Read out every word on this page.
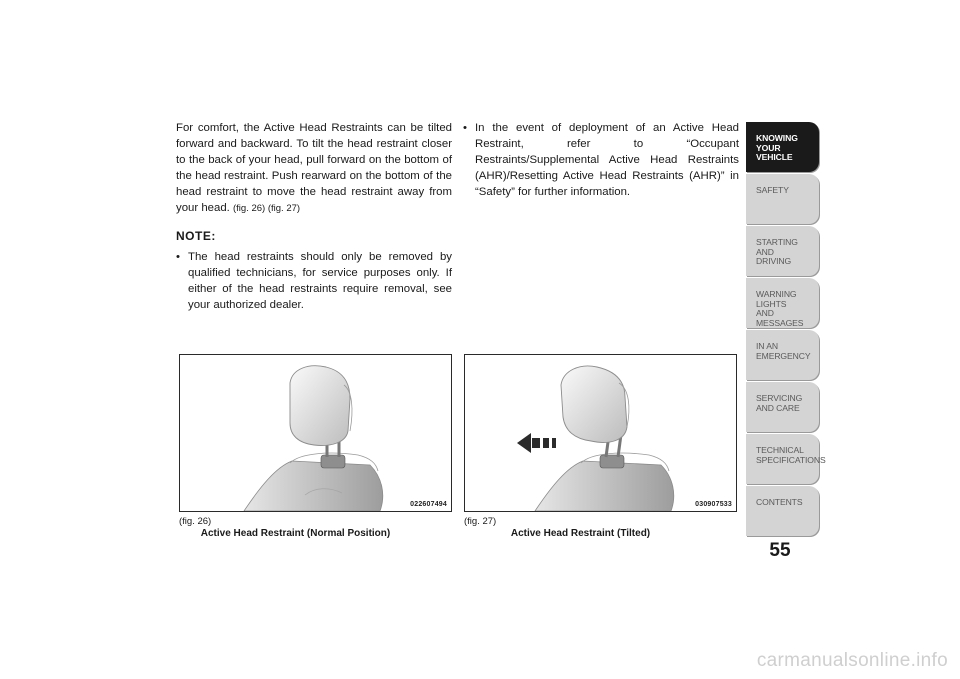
For comfort, the Active Head Restraints can be tilted forward and backward. To tilt the head restraint closer to the back of your head, pull forward on the bottom of the head restraint. Push rearward on the bottom of the head restraint to move the head restraint away from your head. (fig. 26) (fig. 27)

NOTE:

• The head restraints should only be removed by qualified technicians, for service purposes only. If either of the head restraints require removal, see your authorized dealer.

• In the event of deployment of an Active Head Restraint, refer to “Occupant Restraints/Supplemental Active Head Restraints (AHR)/Resetting Active Head Restraints (AHR)” in “Safety” for further information.

022607494
(fig. 26)
Active Head Restraint (Normal Position)
030907533
(fig. 27)
Active Head Restraint (Tilted)
KNOWING
YOUR
VEHICLE
SAFETY
STARTING
AND
DRIVING
WARNING
LIGHTS
AND
MESSAGES
IN AN
EMERGENCY
SERVICING
AND CARE
TECHNICAL
SPECIFICATIONS
CONTENTS
55
carmanualsonline.info
